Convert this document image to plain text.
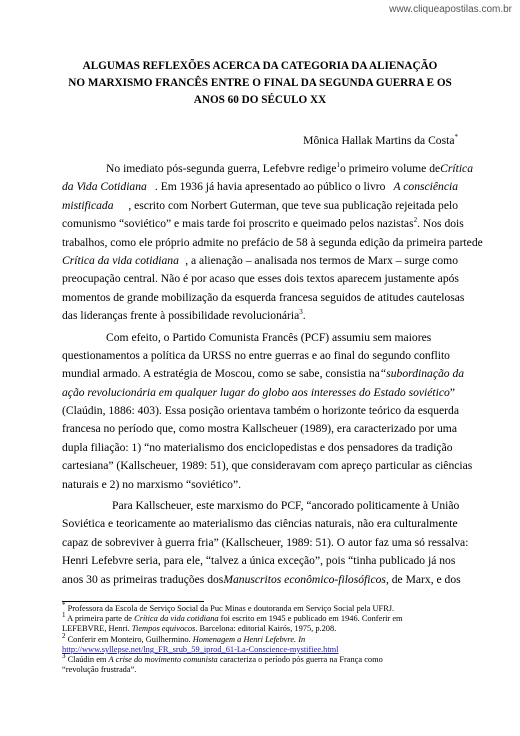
www.cliqueapostilas.com.br
ALGUMAS REFLEXÕES ACERCA DA CATEGORIA DA ALIENAÇÃO
NO MARXISMO FRANCÊS ENTRE O FINAL DA SEGUNDA GUERRA E OS
ANOS 60 DO SÉCULO XX
Mônica Hallak Martins da Costa*
No imediato pós-segunda guerra, Lefebvre redige$^1$ o primeiro volume de Crítica
da Vida Cotidiana . Em 1936 já havia apresentado ao público o livro A consciência
mistificada , escrito com Norbert Guterman, que teve sua publicação rejeitada pelo
comunismo “soviético” e mais tarde foi proscrito e queimado pelos nazistas$^2$. Nos dois
trabalhos, como ele próprio admite no prefácio de 58 à segunda edição da primeira parte de
Crítica da vida cotidiana , a alienação – analisada nos termos de Marx – surge como
preocupação central. Não é por acaso que esses dois textos aparecem justamente após
momentos de grande mobilização da esquerda francesa seguidos de atitudes cautelosas
das lideranças frente à possibilidade revolucionária$^3$.
Com efeito, o Partido Comunista Francês (PCF) assumiu sem maiores
questionamentos a política da URSS no entre guerras e ao final do segundo conflito
mundial armado. A estratégia de Moscou, como se sabe, consistia na “subordinação da
ação revolucionária em qualquer lugar do globo aos interesses do Estado soviético”
(Claúdin, 1886: 403). Essa posição orientava também o horizonte teórico da esquerda
francesa no período que, como mostra Kallscheuer (1989), era caracterizado por uma
dupla filiação: 1) “no materialismo dos enciclopedistas e dos pensadores da tradição
cartesiana” (Kallscheuer, 1989: 51), que consideravam com apreço particular as ciências
naturais e 2) no marxismo “soviético”.
Para Kallscheuer, este marxismo do PCF, “ancorado politicamente à União
Soviética e teoricamente ao materialismo das ciências naturais, não era culturalmente
capaz de sobreviver à guerra fria” (Kallscheuer, 1989: 51). O autor faz uma só ressalva:
Henri Lefebvre seria, para ele, “talvez a única exceção”, pois “tinha publicado já nos
anos 30 as primeiras traduções dos Manuscritos econômico-filosóficos , de Marx, e dos
* Professora da Escola de Serviço Social da Puc Minas e doutoranda em Serviço Social pela UFRJ.
$^1$ A primeira parte de Crítica da vida cotidiana foi escrito em 1945 e publicado em 1946. Conferir em
LEFEBVRE, Henri. Tiempos equivocos. Barcelona: editorial Kairós, 1975, p.208.
$^2$ Conferir em Monteiro, Guilhermino. Homenagem a Henri Lefebvre. In
http://www.syllepse.net/lng_FR_srub_59_iprod_61-La-Conscience-mystifiee.html
$^3$ Claúdin em A crise do movimento comunista caracteriza o período pós guerra na França como
“revolução frustrada”.
